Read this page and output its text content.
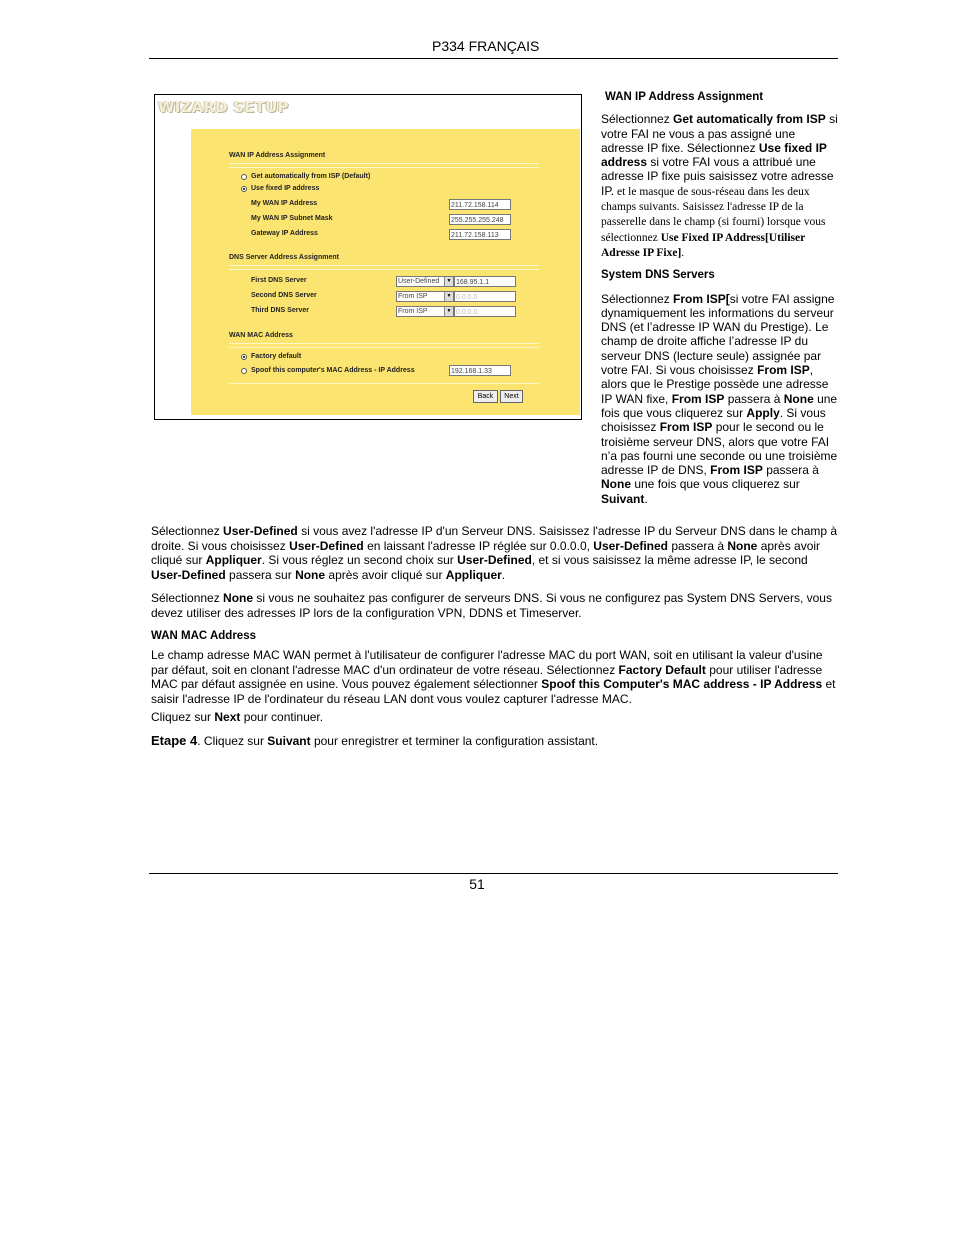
P334 FRANÇAIS
WIZARD SETUP
WAN IP Address Assignment
Get automatically from ISP (Default)
Use fixed IP address
My WAN IP Address	211.72.158.114
My WAN IP Subnet Mask	255.255.255.248
Gateway IP Address	211.72.158.113
DNS Server Address Assignment
First DNS Server	User-Defined	▼ 168.95.1.1
Second DNS Server	From ISP	▼ 0.0.0.0
Third DNS Server	From ISP	▼ 0.0.0.0
WAN MAC Address
Factory default
Spoof this computer's MAC Address - IP Address	192.168.1.33
Back	Next

WAN IP Address Assignment

Sélectionnez Get automatically from ISP si votre FAI ne vous a pas assigné une adresse IP fixe. Sélectionnez Use fixed IP address si votre FAI vous a attribué une adresse IP fixe puis saisissez votre adresse IP. et le masque de sous-réseau dans les deux champs suivants. Saisissez l'adresse IP de la passerelle dans le champ (si fourni) lorsque vous sélectionnez Use Fixed IP Address[Utiliser Adresse IP Fixe].

System DNS Servers

Sélectionnez From ISP[si votre FAI assigne dynamiquement les informations du serveur DNS (et l’adresse IP WAN du Prestige). Le champ de droite affiche l’adresse IP du serveur DNS (lecture seule) assignée par votre FAI. Si vous choisissez From ISP, alors que le Prestige possède une adresse IP WAN fixe, From ISP passera à None une fois que vous cliquerez sur Apply. Si vous choisissez From ISP pour le second ou le troisième serveur DNS, alors que votre FAI n’a pas fourni une seconde ou une troisième adresse IP de DNS, From ISP passera à None une fois que vous cliquerez sur Suivant.

Sélectionnez User-Defined si vous avez l'adresse IP d'un Serveur DNS. Saisissez l'adresse IP du Serveur DNS dans le champ à droite. Si vous choisissez User-Defined en laissant l'adresse IP réglée sur 0.0.0.0, User-Defined passera à None après avoir cliqué sur Appliquer. Si vous réglez un second choix sur User-Defined, et si vous saisissez la même adresse IP, le second User-Defined passera sur None après avoir cliqué sur Appliquer.

Sélectionnez None si vous ne souhaitez pas configurer de serveurs DNS. Si vous ne configurez pas System DNS Servers, vous devez utiliser des adresses IP lors de la configuration VPN, DDNS et Timeserver.

WAN MAC Address

Le champ adresse MAC WAN permet à l'utilisateur de configurer l'adresse MAC du port WAN, soit en utilisant la valeur d'usine par défaut, soit en clonant l'adresse MAC d'un ordinateur de votre réseau. Sélectionnez Factory Default pour utiliser l'adresse MAC par défaut assignée en usine. Vous pouvez également sélectionner Spoof this Computer's MAC address - IP Address et saisir l'adresse IP de l'ordinateur du réseau LAN dont vous voulez capturer l'adresse MAC.

Cliquez sur Next pour continuer.

Etape 4. Cliquez sur Suivant pour enregistrer et terminer la configuration assistant.

51
